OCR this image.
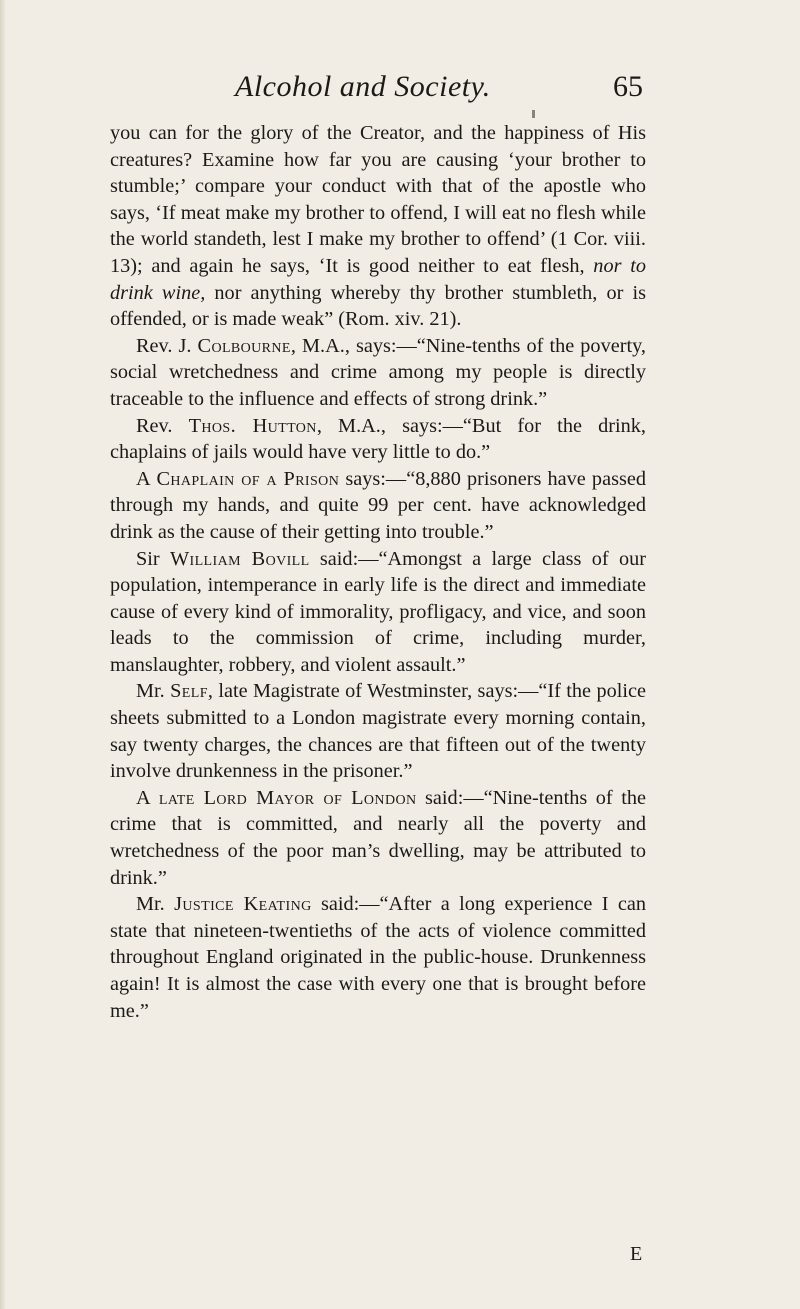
Alcohol and Society.	65

you can for the glory of the Creator, and the happiness of His creatures? Examine how far you are causing ‘your brother to stumble;’ compare your conduct with that of the apostle who says, ‘If meat make my brother to offend, I will eat no flesh while the world standeth, lest I make my brother to offend’ (1 Cor. viii. 13); and again he says, ‘It is good neither to eat flesh, nor to drink wine, nor anything whereby thy brother stumbleth, or is offended, or is made weak” (Rom. xiv. 21).

Rev. J. Colbourne, M.A., says:—“Nine-tenths of the poverty, social wretchedness and crime among my people is directly traceable to the influence and effects of strong drink.”

Rev. Thos. Hutton, M.A., says:—“But for the drink, chaplains of jails would have very little to do.”

A Chaplain of a Prison says:—“8,880 prisoners have passed through my hands, and quite 99 per cent. have acknowledged drink as the cause of their getting into trouble.”

Sir William Bovill said:—“Amongst a large class of our population, intemperance in early life is the direct and immediate cause of every kind of immorality, profligacy, and vice, and soon leads to the commission of crime, including murder, manslaughter, robbery, and violent assault.”

Mr. Self, late Magistrate of Westminster, says:—“If the police sheets submitted to a London magistrate every morning contain, say twenty charges, the chances are that fifteen out of the twenty involve drunkenness in the prisoner.”

A late Lord Mayor of London said:—“Nine-tenths of the crime that is committed, and nearly all the poverty and wretchedness of the poor man’s dwelling, may be attributed to drink.”

Mr. Justice Keating said:—“After a long experience I can state that nineteen-twentieths of the acts of violence committed throughout England originated in the public-house. Drunkenness again! It is almost the case with every one that is brought before me.”

E
